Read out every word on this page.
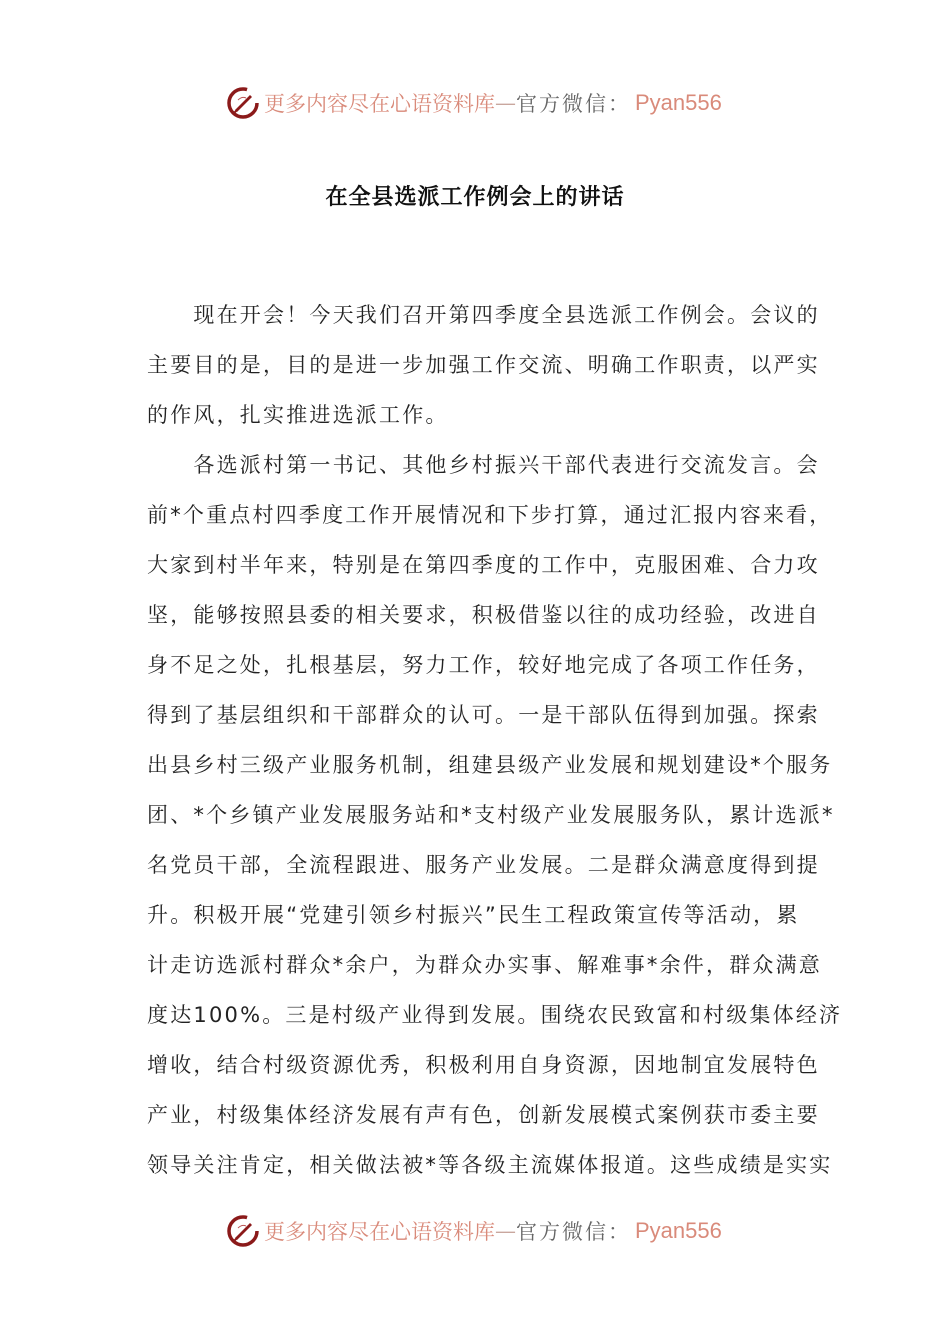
更多内容尽在心语资料库 — 官方微信： Pyan556
在全县选派工作例会上的讲话
　　现在开会！今天我们召开第四季度全县选派工作例会。会议的
主要目的是，目的是进一步加强工作交流、明确工作职责，以严实
的作风，扎实推进选派工作。
　　各选派村第一书记、其他乡村振兴干部代表进行交流发言。会
前*个重点村四季度工作开展情况和下步打算，通过汇报内容来看，
大家到村半年来，特别是在第四季度的工作中，克服困难、合力攻
坚，能够按照县委的相关要求，积极借鉴以往的成功经验，改进自
身不足之处，扎根基层，努力工作，较好地完成了各项工作任务，
得到了基层组织和干部群众的认可。一是干部队伍得到加强。探索
出县乡村三级产业服务机制，组建县级产业发展和规划建设*个服务
团、*个乡镇产业发展服务站和*支村级产业发展服务队，累计选派*
名党员干部，全流程跟进、服务产业发展。二是群众满意度得到提
升。积极开展“党建引领乡村振兴”民生工程政策宣传等活动，累
计走访选派村群众*余户，为群众办实事、解难事*余件，群众满意
度达100%。三是村级产业得到发展。围绕农民致富和村级集体经济
增收，结合村级资源优秀，积极利用自身资源，因地制宜发展特色
产业，村级集体经济发展有声有色，创新发展模式案例获市委主要
领导关注肯定，相关做法被*等各级主流媒体报道。这些成绩是实实
更多内容尽在心语资料库 — 官方微信： Pyan556
